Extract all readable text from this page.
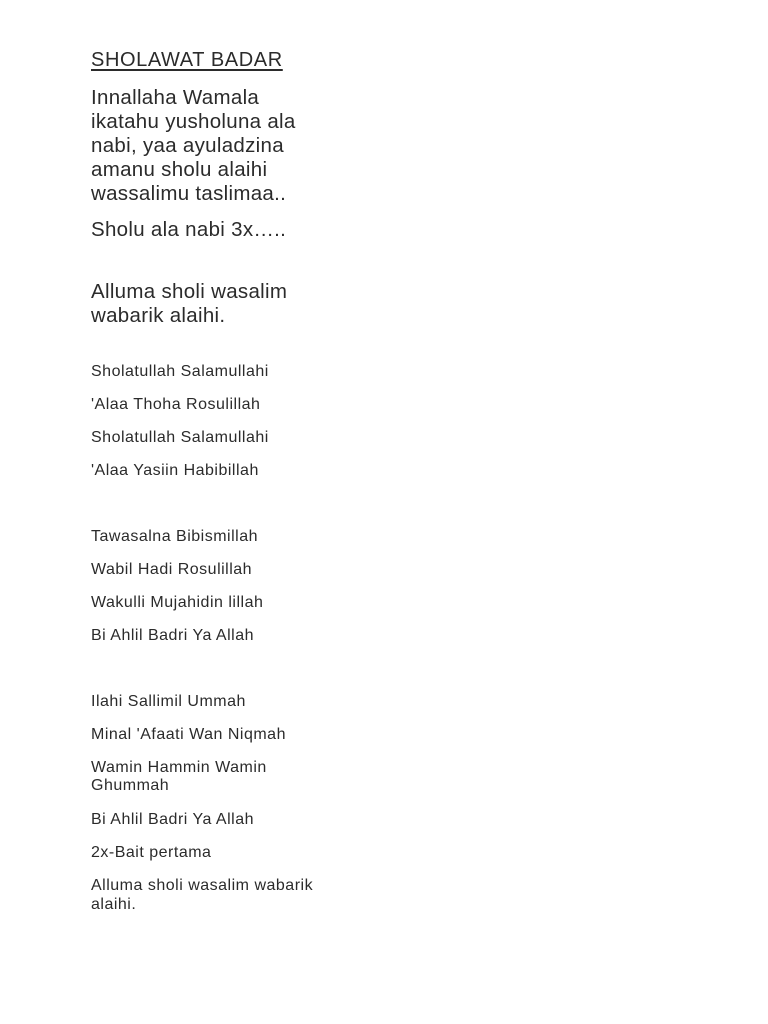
SHOLAWAT BADAR

Innallaha Wamala

ikatahu yusholuna ala

nabi, yaa ayuladzina

amanu sholu alaihi

wassalimu taslimaa..

Sholu ala nabi 3x…..

Alluma sholi wasalim

wabarik alaihi.

Sholatullah Salamullahi

'Alaa Thoha Rosulillah

Sholatullah Salamullahi

'Alaa Yasiin Habibillah

Tawasalna Bibismillah

Wabil Hadi Rosulillah

Wakulli Mujahidin lillah

Bi Ahlil Badri Ya Allah

Ilahi Sallimil Ummah

Minal 'Afaati Wan Niqmah

Wamin Hammin Wamin

Ghummah

Bi Ahlil Badri Ya Allah

2x-Bait pertama

Alluma sholi wasalim wabarik

alaihi.
